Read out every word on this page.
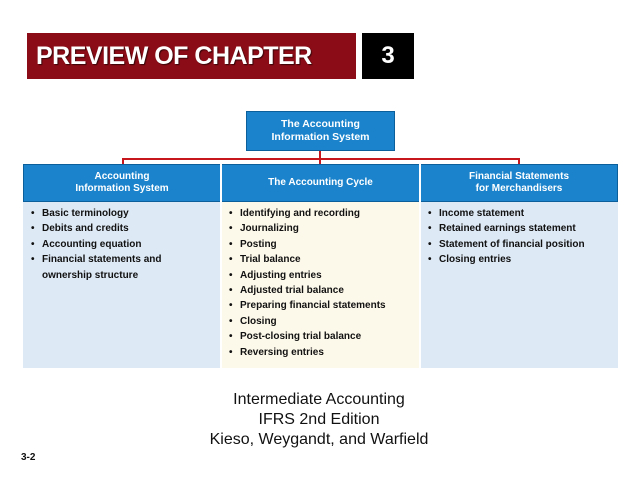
PREVIEW OF CHAPTER	3
The Accounting
Information System
Accounting
Information System
• Basic terminology
• Debits and credits
• Accounting equation
• Financial statements and ownership structure
The Accounting Cycle
• Identifying and recording
• Journalizing
• Posting
• Trial balance
• Adjusting entries
• Adjusted trial balance
• Preparing financial statements
• Closing
• Post-closing trial balance
• Reversing entries
Financial Statements
for Merchandisers
• Income statement
• Retained earnings statement
• Statement of financial position
• Closing entries
Intermediate Accounting
IFRS 2nd Edition
Kieso, Weygandt, and Warfield
3-2
